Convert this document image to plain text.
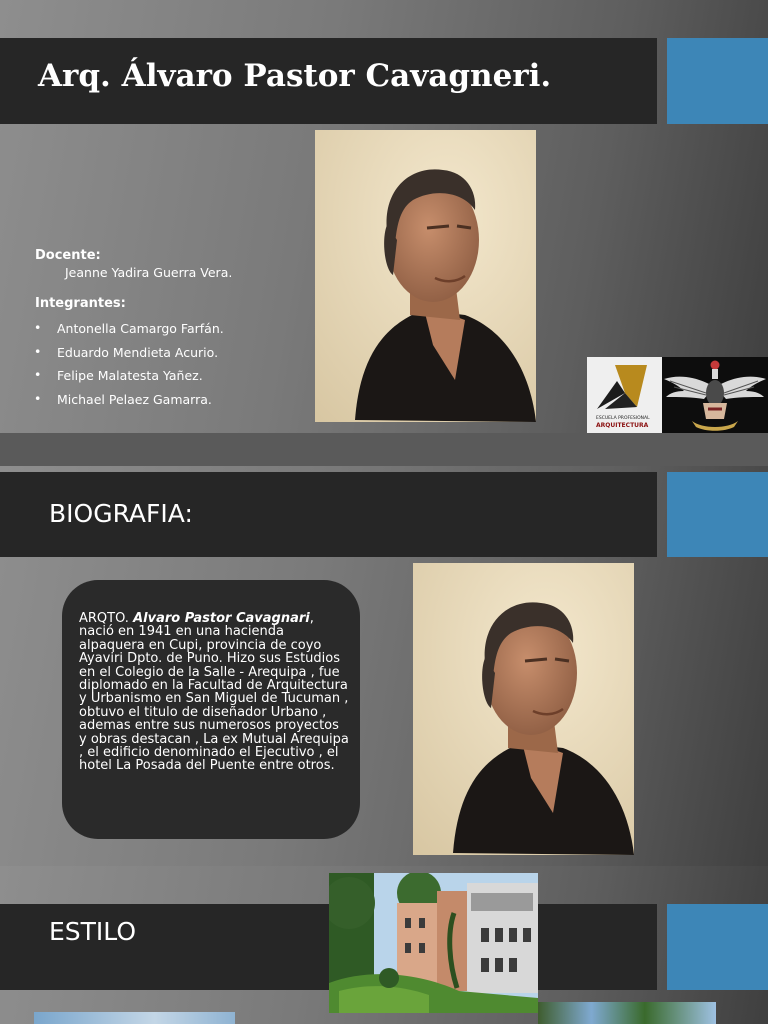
Arq. Álvaro Pastor Cavagneri.
Docente:
Jeanne Yadira Guerra Vera.
Integrantes:
• Antonella Camargo Farfán.
• Eduardo Mendieta Acurio.
• Felipe Malatesta Yañez.
• Michael Pelaez Gamarra.
ESCUELA PROFESIONAL
ARQUITECTURA
BIOGRAFIA:
ARQTO. Alvaro Pastor Cavagnari, nació en 1941 en una hacienda alpaquera en Cupi, provincia de coyo Ayaviri Dpto. de Puno. Hizo sus Estudios en el Colegio de la Salle - Arequipa , fue diplomado en la Facultad de Arquitectura y Urbanismo en San Miguel de Tucuman , obtuvo el titulo de diseñador Urbano , ademas entre sus numerosos proyectos y obras destacan , La ex Mutual Arequipa , el edificio denominado el Ejecutivo , el hotel La Posada del Puente entre otros.
ESTILO
